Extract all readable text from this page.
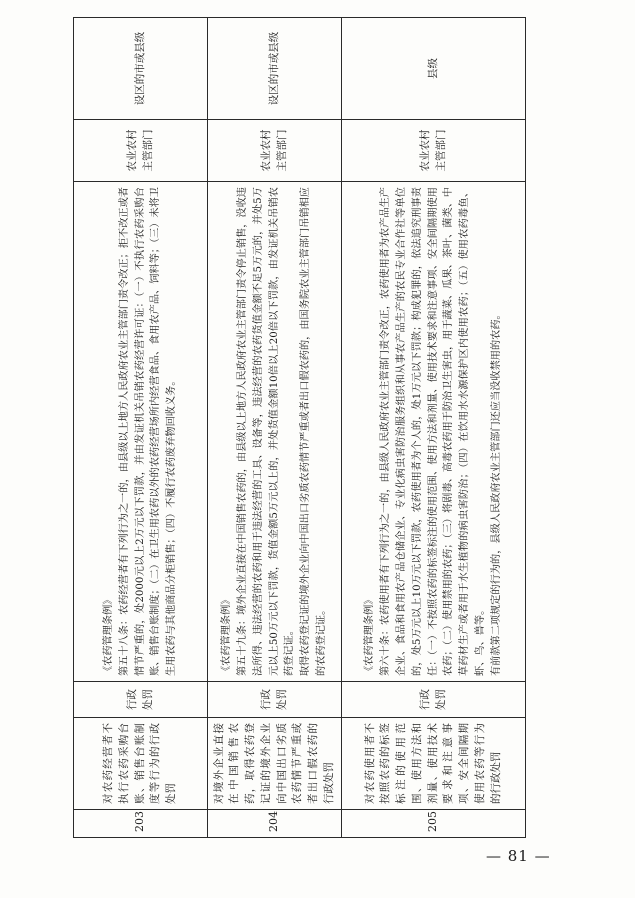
203	对农药经营者不执行农药采购台账、销售台账制度等行为的行政处罚	行政处罚	《农药管理条例》 第五十八条：农药经营者有下列行为之一的，由县级以上地方人民政府农业主管部门责令改正；拒不改正或者情节严重的，处2000元以上2万元以下罚款，并由发证机关吊销农药经营许可证：（一）不执行农药采购台账、销售台账制度；（二）在卫生用农药以外的农药经营场所内经营食品、食用农产品、饲料等；（三）未将卫生用农药与其他商品分柜销售；（四）不履行农药废弃物回收义务。	农业农村主管部门	设区的市或县级
204	对境外企业直接在中国销售农药，取得农药登记证的境外企业向中国出口劣质农药情节严重或者出口假农药的行政处罚	行政处罚	《农药管理条例》 第五十九条：境外企业直接在中国销售农药的，由县级以上地方人民政府农业主管部门责令停止销售，没收违法所得、违法经营的农药和用于违法经营的工具、设备等，违法经营的农药货值金额不足5万元的，并处5万元以上50万元以下罚款，货值金额5万元以上的，并处货值金额10倍以上20倍以下罚款，由发证机关吊销农药登记证。 取得农药登记证的境外企业向中国出口劣质农药情节严重或者出口假农药的，由国务院农业主管部门吊销相应的农药登记证。	农业农村主管部门	设区的市或县级
205	对农药使用者不按照农药的标签标注的使用范围、使用方法和剂量、使用技术要求和注意事项、安全间隔期使用农药等行为的行政处罚	行政处罚	《农药管理条例》 第六十条：农药使用者有下列行为之一的，由县级人民政府农业主管部门责令改正，农药使用者为农产品生产企业、食品和食用农产品仓储企业、专业化病虫害防治服务组织和从事农产品生产的农民专业合作社等单位的，处5万元以上10万元以下罚款，农药使用者为个人的，处1万元以下罚款；构成犯罪的，依法追究刑事责任：（一）不按照农药的标签标注的使用范围、使用方法和剂量、使用技术要求和注意事项、安全间隔期使用农药；（二）使用禁用的农药；（三）将剧毒、高毒农药用于防治卫生害虫，用于蔬菜、瓜果、茶叶、菌类、中草药材生产或者用于水生植物的病虫害防治；（四）在饮用水水源保护区内使用农药；（五）使用农药毒鱼、虾、鸟、兽等。 有前款第二项规定的行为的，县级人民政府农业主管部门还应当没收禁用的农药。	农业农村主管部门	县级
— 81 —
